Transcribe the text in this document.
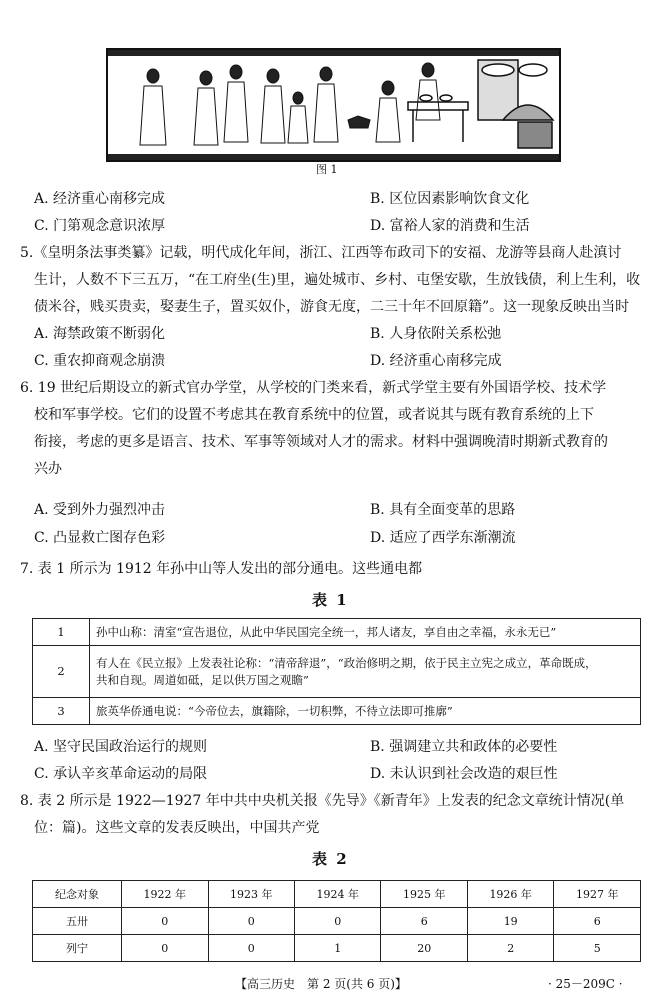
图 1
A. 经济重心南移完成	B. 区位因素影响饮食文化
C. 门第观念意识浓厚	D. 富裕人家的消费和生活
5.《皇明条法事类纂》记载，明代成化年间，浙江、江西等布政司下的安福、龙游等县商人赴滇讨
生计，人数不下三五万，“在工府坐(生)里，遍处城市、乡村、屯堡安歇，生放钱债，利上生利，收
债米谷，贱买贵卖，娶妻生子，置买奴仆，游食无度，二三十年不回原籍”。这一现象反映出当时
A. 海禁政策不断弱化	B. 人身依附关系松弛
C. 重农抑商观念崩溃	D. 经济重心南移完成
6. 19 世纪后期设立的新式官办学堂，从学校的门类来看，新式学堂主要有外国语学校、技术学
校和军事学校。它们的设置不考虑其在教育系统中的位置，或者说其与既有教育系统的上下
衔接，考虑的更多是语言、技术、军事等领域对人才的需求。材料中强调晚清时期新式教育的
兴办
A. 受到外力强烈冲击	B. 具有全面变革的思路
C. 凸显救亡图存色彩	D. 适应了西学东渐潮流
7. 表 1 所示为 1912 年孙中山等人发出的部分通电。这些通电都
表 1
1	孙中山称：清室“宣告退位，从此中华民国完全统一，邦人诸友，享自由之幸福，永永无已”
2	有人在《民立报》上发表社论称：“清帝辞退”，“政治修明之期，依于民主立宪之成立，革命既成，
共和自现。周道如砥，足以供万国之观瞻”

3	旅英华侨通电说：“今帝位去，旗籍除，一切积弊，不待立法即可推廓”
A. 坚守民国政治运行的规则	B. 强调建立共和政体的必要性
C. 承认辛亥革命运动的局限	D. 未认识到社会改造的艰巨性
8. 表 2 所示是 1922—1927 年中共中央机关报《先导》《新青年》上发表的纪念文章统计情况(单
位：篇)。这些文章的发表反映出，中国共产党
表 2
纪念对象	1922 年	1923 年	1924 年	1925 年	1926 年	1927 年
五卅	0	0	0	6	19	6
列宁	0	0	1	20	2	5
【高三历史　第 2 页(共 6 页)】	· 25－209C ·
